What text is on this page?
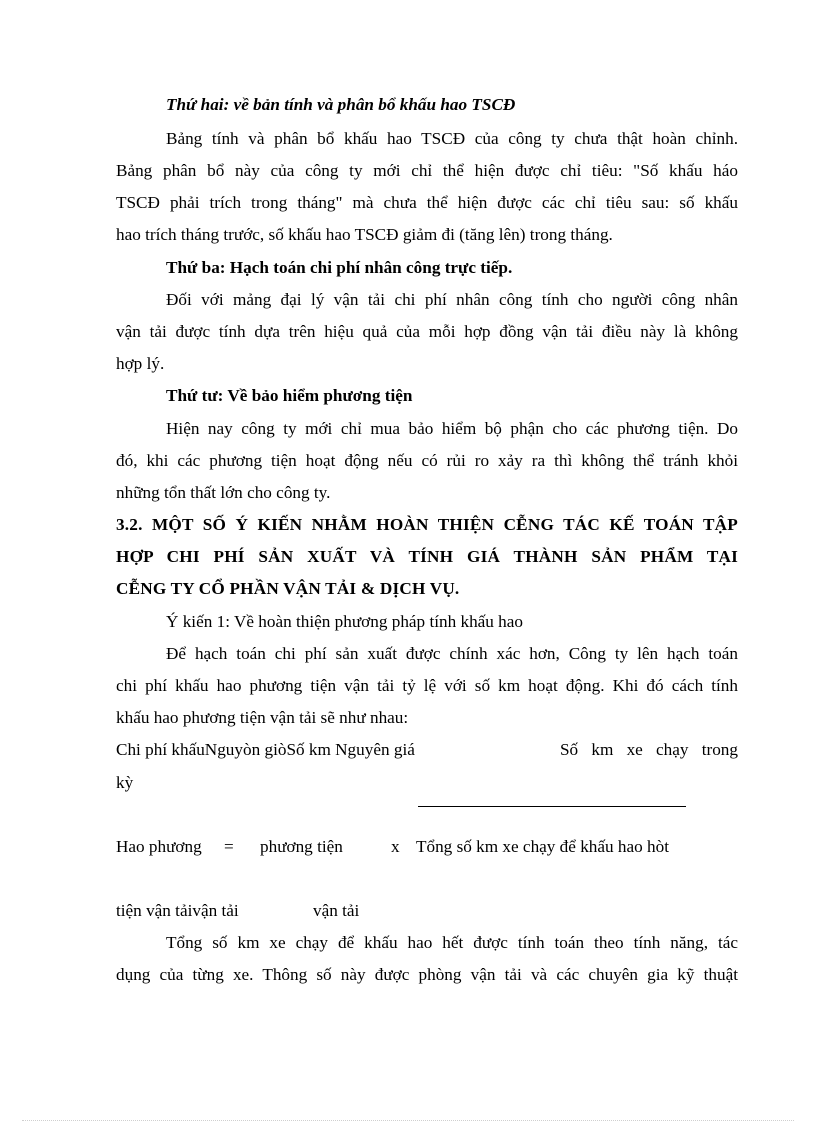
Thứ hai: về bản tính và phân bổ khấu hao TSCĐ
Bảng tính và phân bổ khấu hao TSCĐ của công ty chưa thật hoàn chỉnh.
Bảng phân bổ này của công ty mới chỉ thể hiện được chỉ tiêu: "Số khấu háo
TSCĐ phải trích trong tháng" mà chưa thể hiện được các chỉ tiêu sau: số khấu
hao trích tháng trước, số khấu hao TSCĐ giảm đi (tăng lên) trong tháng.
Thứ ba: Hạch toán chi phí nhân công trực tiếp.
Đối với mảng đại lý vận tải chi phí nhân công tính cho người công nhân
vận tải được tính dựa trên hiệu quả của mỗi hợp đồng vận tải điều này là không
hợp lý.
Thứ tư: Về bảo hiểm phương tiện
Hiện nay công ty mới chỉ mua bảo hiểm bộ phận cho các phương tiện. Do
đó, khi các phương tiện hoạt động nếu có rủi ro xảy ra thì không thể tránh khỏi
những tổn thất lớn cho công ty.
3.2. MỘT SỐ Ý KIẾN NHẰM HOÀN THIỆN CỄNG TÁC KẾ TOÁN TẬP
HỢP CHI PHÍ SẢN XUẤT VÀ TÍNH GIÁ THÀNH SẢN PHẨM TẠI
CỄNG TY CỔ PHẦN VẬN TẢI & DỊCH VỤ.
Ý kiến 1: Về hoàn thiện phương pháp tính khấu hao
Để hạch toán chi phí sản xuất được chính xác hơn, Công ty lên hạch toán
chi phí khấu hao phương tiện vận tải tỷ lệ với số km hoạt động. Khi đó cách tính
khấu hao phương tiện vận tải sẽ như nhau:
Chi phí khấuNguyòn giòSố km Nguyên giá	Số km xe chạy trong
kỳ
Hao phương = phương tiện	x Tổng số km xe chạy để khấu hao hòt
tiện vận tảivận tải	vận tải
Tổng số km xe chạy để khấu hao hết được tính toán theo tính năng, tác
dụng của từng xe. Thông số này được phòng vận tải và các chuyên gia kỹ thuật
